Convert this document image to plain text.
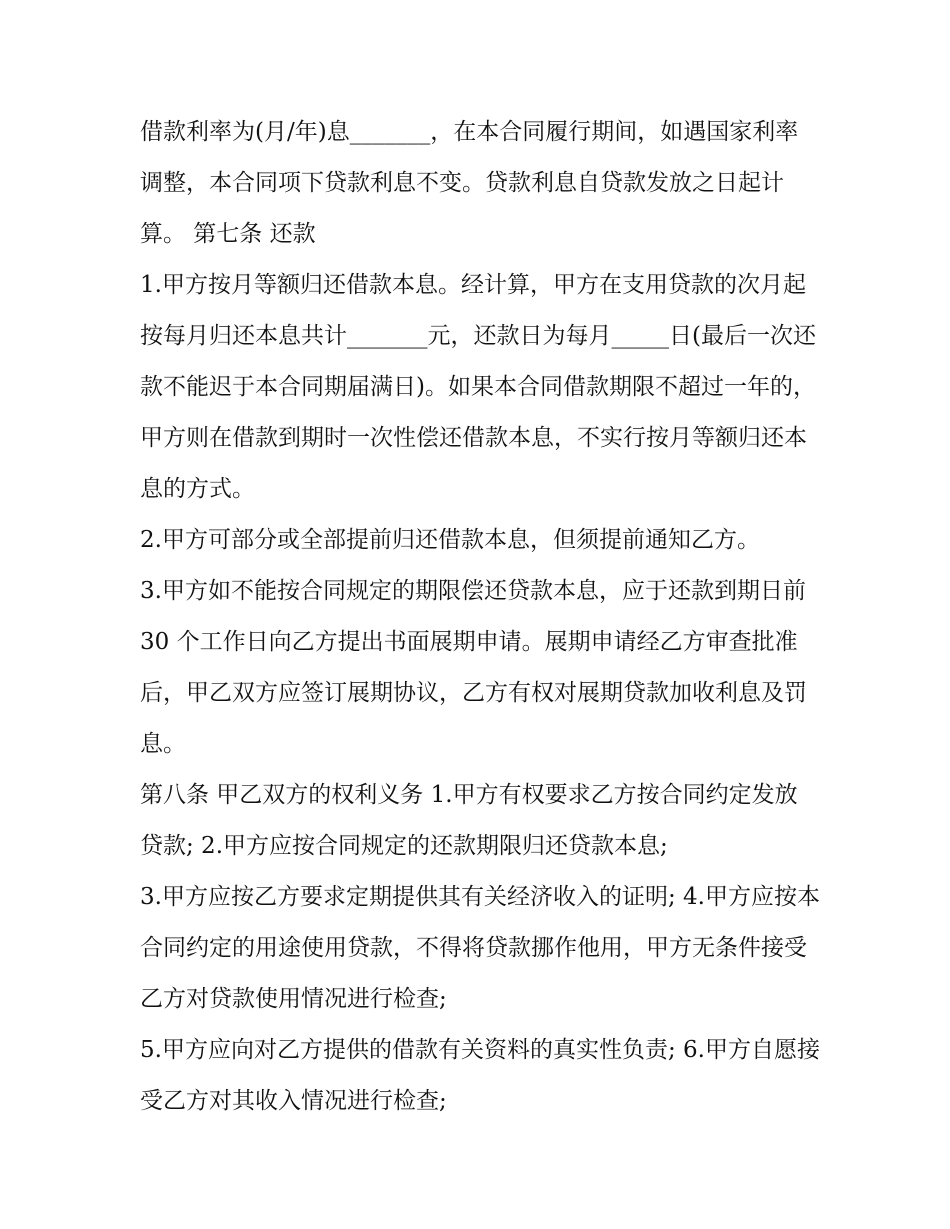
借款利率为(月/年)息_______，在本合同履行期间，如遇国家利率调整，本合同项下贷款利息不变。贷款利息自贷款发放之日起计算。 第七条 还款

1.甲方按月等额归还借款本息。经计算，甲方在支用贷款的次月起按每月归还本息共计_______元，还款日为每月_____日(最后一次还款不能迟于本合同期届满日)。如果本合同借款期限不超过一年的，甲方则在借款到期时一次性偿还借款本息，不实行按月等额归还本息的方式。

2.甲方可部分或全部提前归还借款本息，但须提前通知乙方。

3.甲方如不能按合同规定的期限偿还贷款本息，应于还款到期日前 30 个工作日向乙方提出书面展期申请。展期申请经乙方审查批准后，甲乙双方应签订展期协议，乙方有权对展期贷款加收利息及罚息。

第八条 甲乙双方的权利义务 1.甲方有权要求乙方按合同约定发放贷款; 2.甲方应按合同规定的还款期限归还贷款本息;

3.甲方应按乙方要求定期提供其有关经济收入的证明; 4.甲方应按本合同约定的用途使用贷款，不得将贷款挪作他用，甲方无条件接受乙方对贷款使用情况进行检查;

5.甲方应向对乙方提供的借款有关资料的真实性负责; 6.甲方自愿接受乙方对其收入情况进行检查;
